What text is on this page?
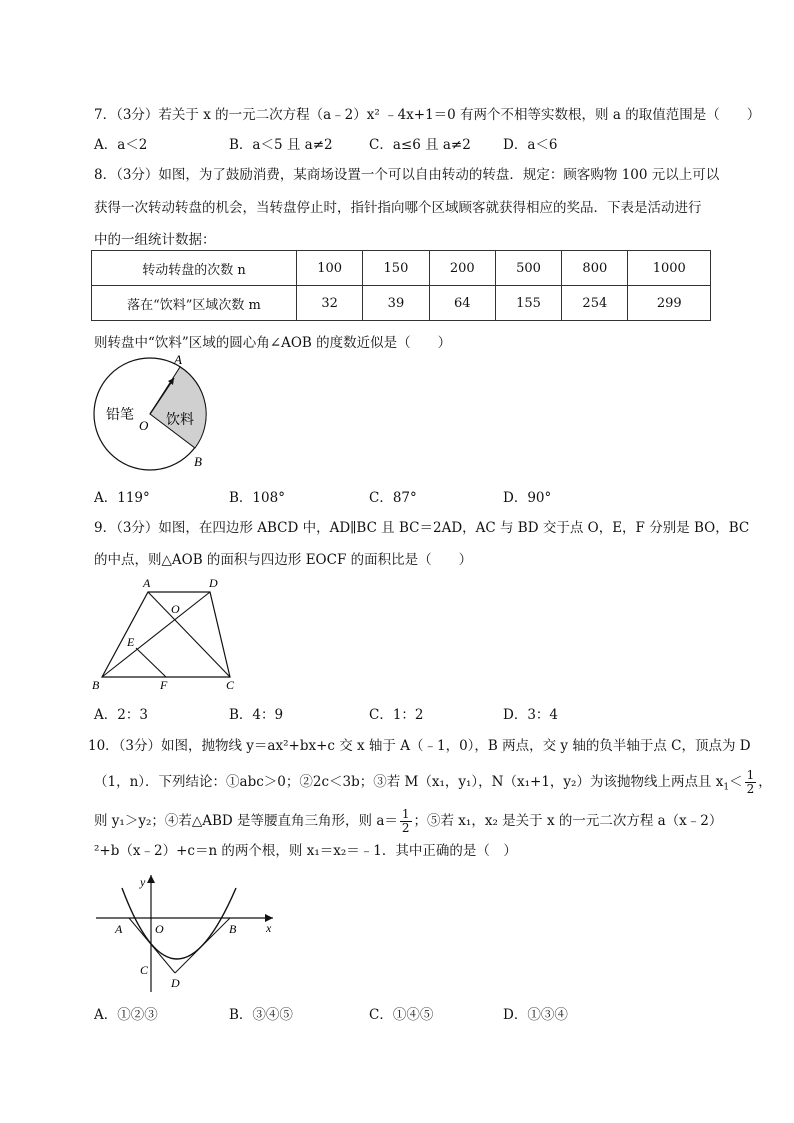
7．（3分）若关于 x 的一元二次方程（a﹣2）x² ﹣4x+1＝0 有两个不相等实数根，则 a 的取值范围是（　　）
A．a＜2	B．a＜5 且 a≠2	C．a≤6 且 a≠2 D．a＜6
8．（3分）如图，为了鼓励消费，某商场设置一个可以自由转动的转盘．规定：顾客购物 100 元以上可以
获得一次转动转盘的机会，当转盘停止时，指针指向哪个区域顾客就获得相应的奖品．下表是活动进行
中的一组统计数据：
转动转盘的次数 n	100	150	200	500	800	1000
落在“饮料”区域次数 m	32	39	64	155	254	299
则转盘中“饮料”区域的圆心角∠AOB 的度数近似是（　　）
A
O
B
铅笔 饮料
A．119°	B．108°	C．87°	D．90°
9．（3分）如图，在四边形 ABCD 中，AD∥BC 且 BC＝2AD，AC 与 BD 交于点 O，E，F 分别是 BO，BC
的中点，则△AOB 的面积与四边形 EOCF 的面积比是（　　）
A	D
O
E
B	F	C
A．2：3	B．4：9	C．1：2	D．3：4
10．（3分）如图，抛物线 y＝ax²+bx+c 交 x 轴于 A（﹣1，0），B 两点，交 y 轴的负半轴于点 C，顶点为 D
（1，n）．下列结论：①abc＞0；②2c＜3b；③若 M（x₁，y₁），N（x₁+1，y₂）为该抛物线上两点且 $x_1< \frac{1}{2}$ ，
则 y₁＞y₂；④若△ABD 是等腰直角三角形，则 $a= \frac{1}{2}$ ；⑤若 x₁，x₂ 是关于 x 的一元二次方程 a（x﹣2）
²+b（x﹣2）+c＝n 的两个根，则 x₁＝x₂＝﹣1．其中正确的是（　）
y
x
A	O	B
C
D
A．①②③	B．③④⑤	C．①④⑤	D．①③④
